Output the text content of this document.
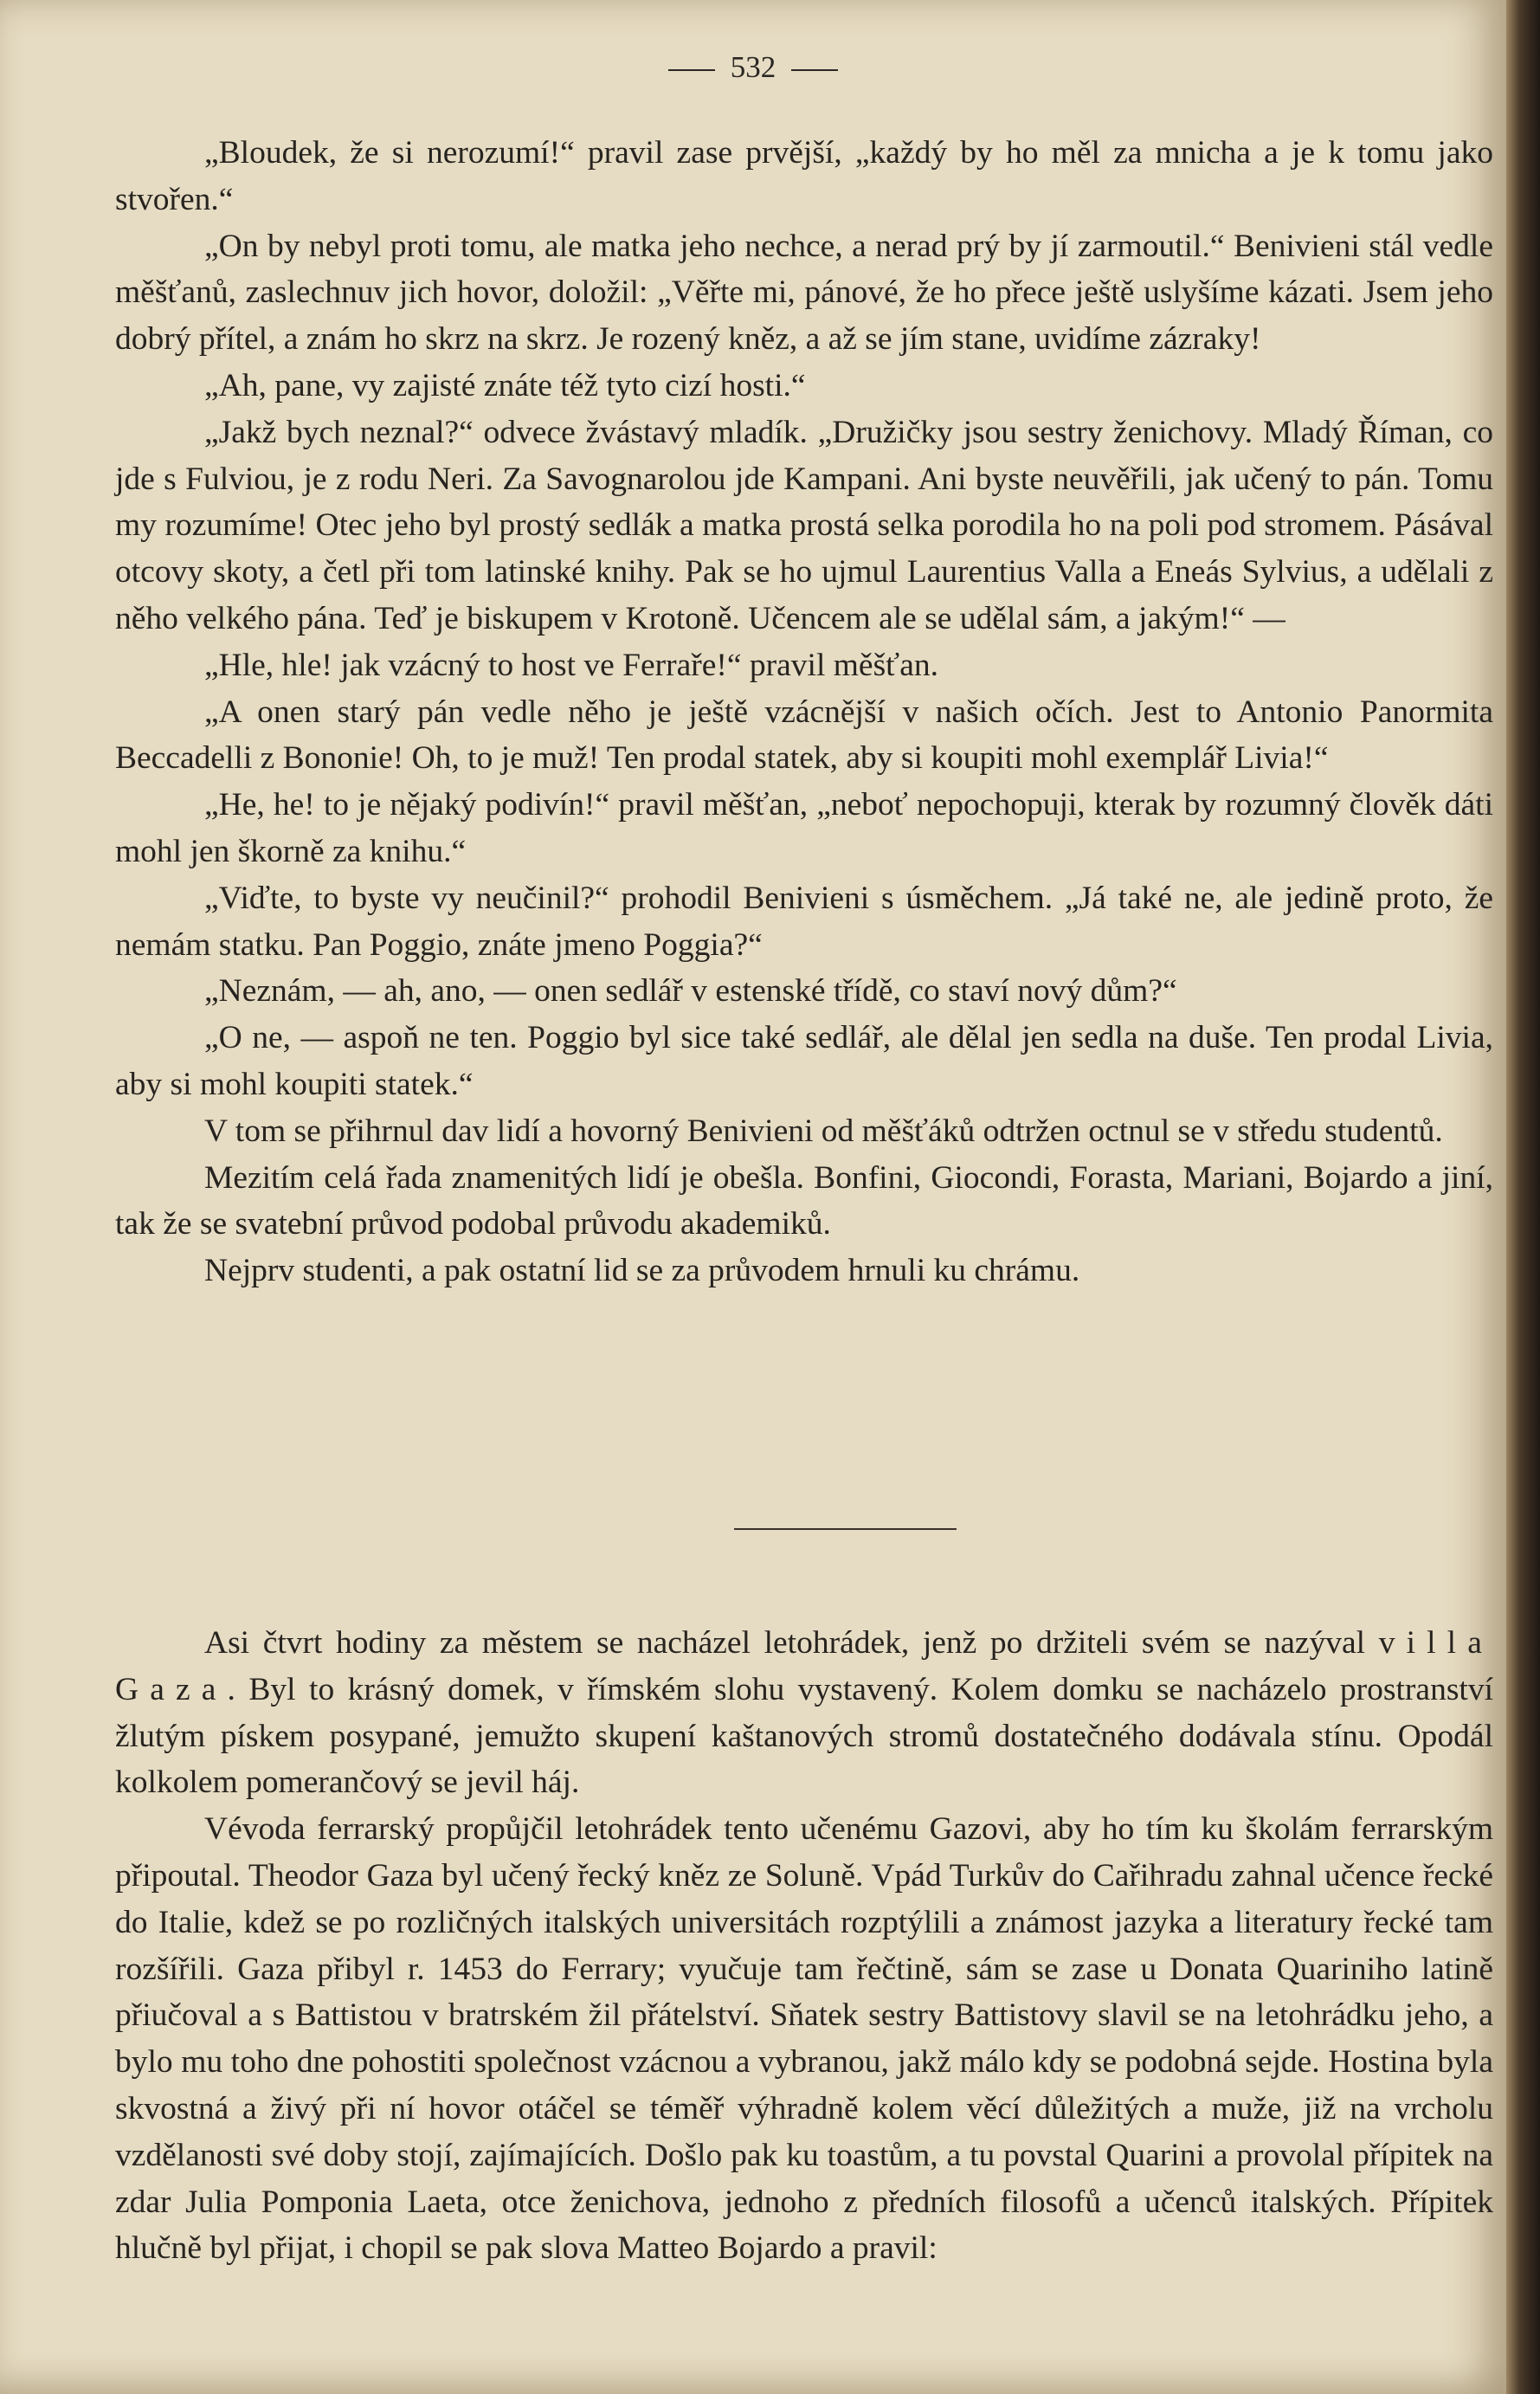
532

„Bloudek, že si nerozumí!“ pravil zase prvější, „každý by ho měl za mnicha a je k tomu jako stvořen.“

„On by nebyl proti tomu, ale matka jeho nechce, a nerad prý by jí zarmoutil.“ Benivieni stál vedle měšťanů, zaslechnuv jich hovor, doložil: „Věřte mi, pánové, že ho přece ještě uslyšíme kázati. Jsem jeho dobrý přítel, a znám ho skrz na skrz. Je rozený kněz, a až se jím stane, uvidíme zázraky!

„Ah, pane, vy zajisté znáte též tyto cizí hosti.“

„Jakž bych neznal?“ odvece žvástavý mladík. „Družičky jsou sestry ženichovy. Mladý Říman, co jde s Fulviou, je z rodu Neri. Za Savognarolou jde Kampani. Ani byste neuvěřili, jak učený to pán. Tomu my rozumíme! Otec jeho byl prostý sedlák a matka prostá selka porodila ho na poli pod stromem. Pásával otcovy skoty, a četl při tom latinské knihy. Pak se ho ujmul Laurentius Valla a Eneás Sylvius, a udělali z něho velkého pána. Teď je biskupem v Krotoně. Učencem ale se udělal sám, a jakým!“ —

„Hle, hle! jak vzácný to host ve Ferraře!“ pravil měšťan.

„A onen starý pán vedle něho je ještě vzácnější v našich očích. Jest to Antonio Panormita Beccadelli z Bononie! Oh, to je muž! Ten prodal statek, aby si koupiti mohl exemplář Livia!“

„He, he! to je nějaký podivín!“ pravil měšťan, „neboť nepochopuji, kterak by rozumný člověk dáti mohl jen škorně za knihu.“

„Viďte, to byste vy neučinil?“ prohodil Benivieni s úsměchem. „Já také ne, ale jedině proto, že nemám statku. Pan Poggio, znáte jmeno Poggia?“

„Neznám, — ah, ano, — onen sedlář v estenské třídě, co staví nový dům?“

„O ne, — aspoň ne ten. Poggio byl sice také sedlář, ale dělal jen sedla na duše. Ten prodal Livia, aby si mohl koupiti statek.“

V tom se přihrnul dav lidí a hovorný Benivieni od měšťáků odtržen octnul se v středu studentů.

Mezitím celá řada znamenitých lidí je obešla. Bonfini, Giocondi, Forasta, Mariani, Bojardo a jiní, tak že se svatební průvod podobal průvodu akademiků.

Nejprv studenti, a pak ostatní lid se za průvodem hrnuli ku chrámu.

Asi čtvrt hodiny za městem se nacházel letohrádek, jenž po držiteli svém se nazýval villa Gaza. Byl to krásný domek, v římském slohu vystavený. Kolem domku se nacházelo prostranství žlutým pískem posypané, jemužto skupení kaštanových stromů dostatečného dodávala stínu. Opodál kolkolem pomerančový se jevil háj.

Vévoda ferrarský propůjčil letohrádek tento učenému Gazovi, aby ho tím ku školám ferrarským připoutal. Theodor Gaza byl učený řecký kněz ze Soluně. Vpád Turkův do Cařihradu zahnal učence řecké do Italie, kdež se po rozličných italských universitách rozptýlili a známost jazyka a literatury řecké tam rozšířili. Gaza přibyl r. 1453 do Ferrary; vyučuje tam řečtině, sám se zase u Donata Quariniho latině přiučoval a s Battistou v bratrském žil přátelství. Sňatek sestry Battistovy slavil se na letohrádku jeho, a bylo mu toho dne pohostiti společnost vzácnou a vybranou, jakž málo kdy se podobná sejde. Hostina byla skvostná a živý při ní hovor otáčel se téměř výhradně kolem věcí důležitých a muže, již na vrcholu vzdělanosti své doby stojí, zajímajících. Došlo pak ku toastům, a tu povstal Quarini a provolal přípitek na zdar Julia Pomponia Laeta, otce ženichova, jednoho z předních filosofů a učenců italských. Přípitek hlučně byl přijat, i chopil se pak slova Matteo Bojardo a pravil:
